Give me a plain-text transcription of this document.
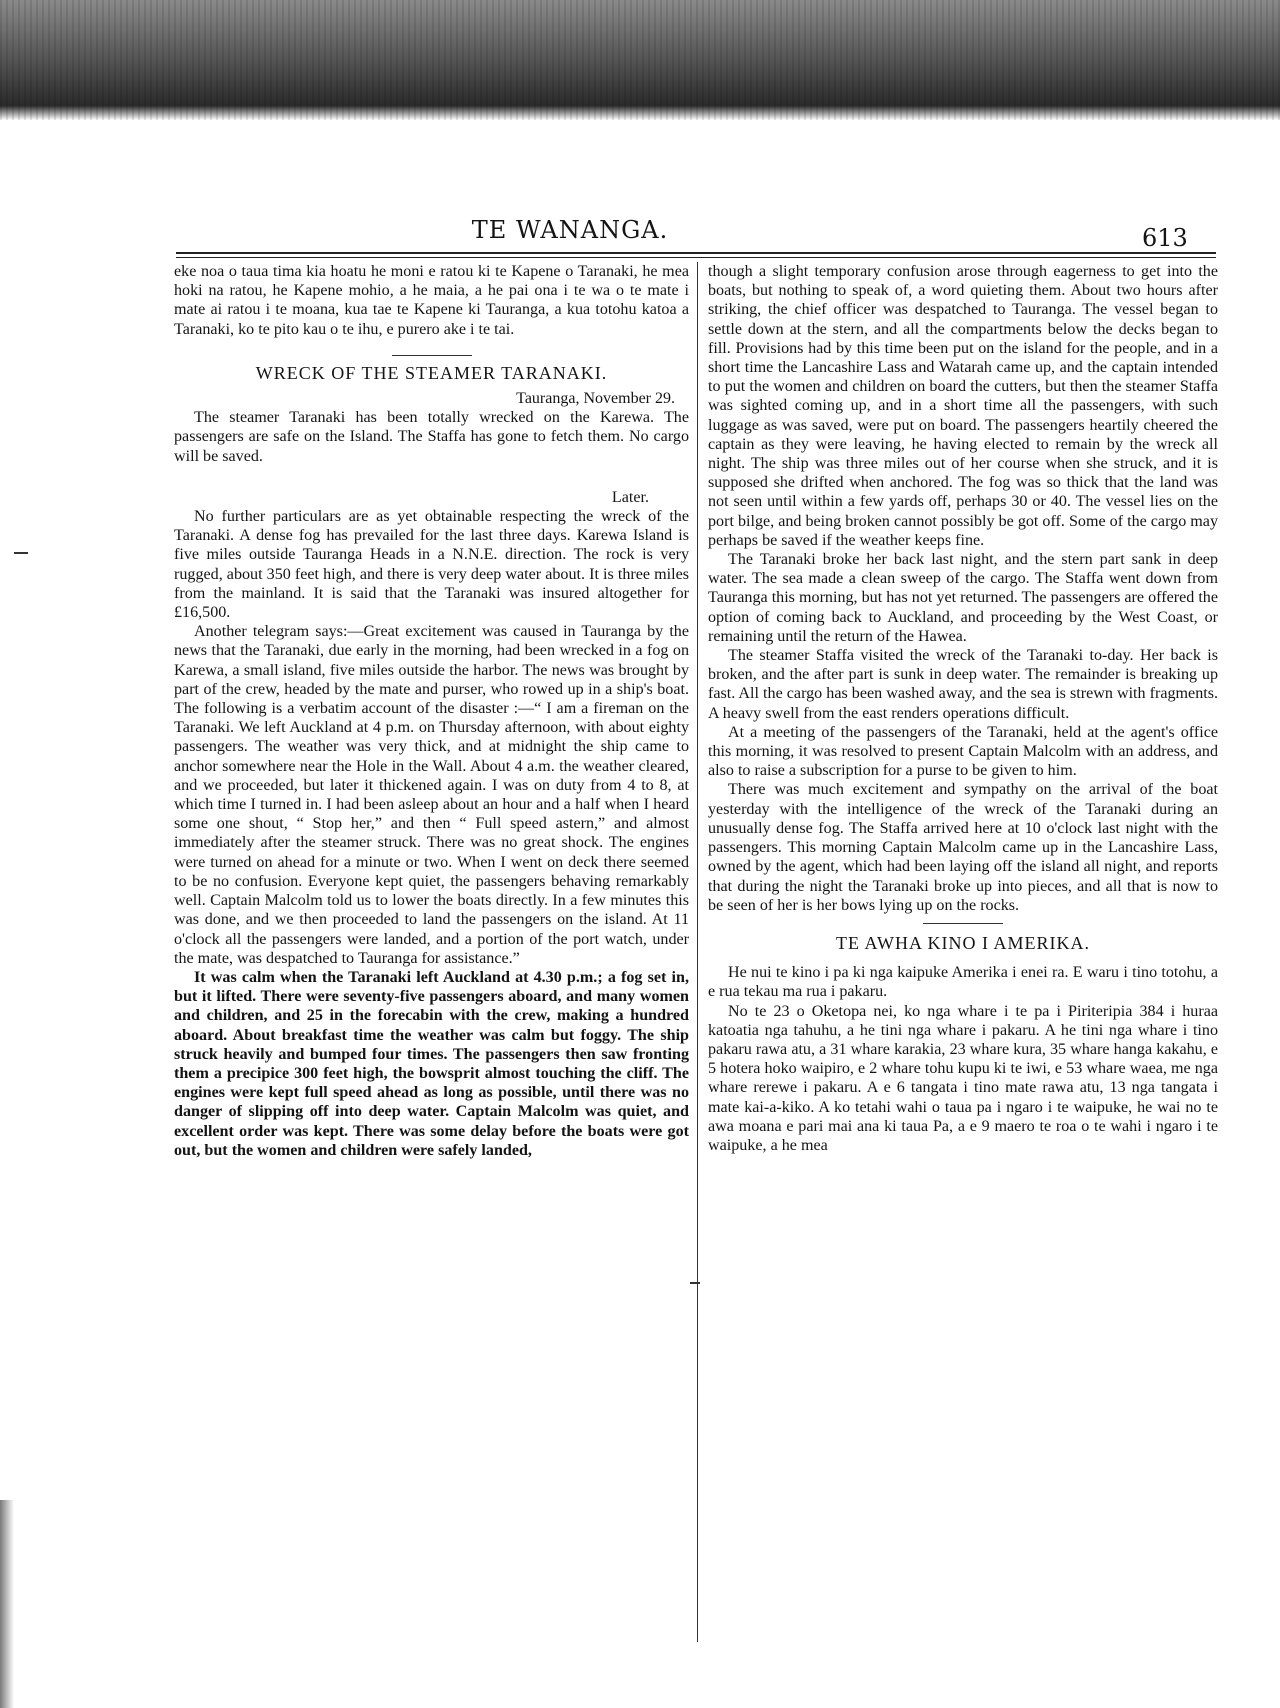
TE WANANGA.	613

eke noa o taua tima kia hoatu he moni e ratou ki te Kapene o Taranaki, he mea hoki na ratou, he Kapene mohio, a he maia, a he pai ona i te wa o te mate i mate ai ratou i te moana, kua tae te Kapene ki Tauranga, a kua totohu katoa a Taranaki, ko te pito kau o te ihu, e purero ake i te tai.

WRECK OF THE STEAMER TARANAKI.

Tauranga, November 29.

The steamer Taranaki has been totally wrecked on the Karewa. The passengers are safe on the Island. The Staffa has gone to fetch them. No cargo will be saved.

Later.

No further particulars are as yet obtainable respecting the wreck of the Taranaki. A dense fog has prevailed for the last three days. Karewa Island is five miles outside Tauranga Heads in a N.N.E. direction. The rock is very rugged, about 350 feet high, and there is very deep water about. It is three miles from the mainland. It is said that the Taranaki was insured altogether for £16,500.

Another telegram says:—Great excitement was caused in Tauranga by the news that the Taranaki, due early in the morning, had been wrecked in a fog on Karewa, a small island, five miles outside the harbor. The news was brought by part of the crew, headed by the mate and purser, who rowed up in a ship's boat. The following is a verbatim account of the disaster :—“ I am a fireman on the Taranaki. We left Auckland at 4 p.m. on Thursday afternoon, with about eighty passengers. The weather was very thick, and at midnight the ship came to anchor somewhere near the Hole in the Wall. About 4 a.m. the weather cleared, and we proceeded, but later it thickened again. I was on duty from 4 to 8, at which time I turned in. I had been asleep about an hour and a half when I heard some one shout, “ Stop her,” and then “ Full speed astern,” and almost immediately after the steamer struck. There was no great shock. The engines were turned on ahead for a minute or two. When I went on deck there seemed to be no confusion. Everyone kept quiet, the passengers behaving remarkably well. Captain Malcolm told us to lower the boats directly. In a few minutes this was done, and we then proceeded to land the passengers on the island. At 11 o'clock all the passengers were landed, and a portion of the port watch, under the mate, was despatched to Tauranga for assistance.”

It was calm when the Taranaki left Auckland at 4.30 p.m.; a fog set in, but it lifted. There were seventy-five passengers aboard, and many women and children, and 25 in the forecabin with the crew, making a hundred aboard. About breakfast time the weather was calm but foggy. The ship struck heavily and bumped four times. The passengers then saw fronting them a precipice 300 feet high, the bowsprit almost touching the cliff. The engines were kept full speed ahead as long as possible, until there was no danger of slipping off into deep water. Captain Malcolm was quiet, and excellent order was kept. There was some delay before the boats were got out, but the women and children were safely landed,

though a slight temporary confusion arose through eagerness to get into the boats, but nothing to speak of, a word quieting them. About two hours after striking, the chief officer was despatched to Tauranga. The vessel began to settle down at the stern, and all the compartments below the decks began to fill. Provisions had by this time been put on the island for the people, and in a short time the Lancashire Lass and Watarah came up, and the captain intended to put the women and children on board the cutters, but then the steamer Staffa was sighted coming up, and in a short time all the passengers, with such luggage as was saved, were put on board. The passengers heartily cheered the captain as they were leaving, he having elected to remain by the wreck all night. The ship was three miles out of her course when she struck, and it is supposed she drifted when anchored. The fog was so thick that the land was not seen until within a few yards off, perhaps 30 or 40. The vessel lies on the port bilge, and being broken cannot possibly be got off. Some of the cargo may perhaps be saved if the weather keeps fine.

The Taranaki broke her back last night, and the stern part sank in deep water. The sea made a clean sweep of the cargo. The Staffa went down from Tauranga this morning, but has not yet returned. The passengers are offered the option of coming back to Auckland, and proceeding by the West Coast, or remaining until the return of the Hawea.

The steamer Staffa visited the wreck of the Taranaki to-day. Her back is broken, and the after part is sunk in deep water. The remainder is breaking up fast. All the cargo has been washed away, and the sea is strewn with fragments. A heavy swell from the east renders operations difficult.

At a meeting of the passengers of the Taranaki, held at the agent's office this morning, it was resolved to present Captain Malcolm with an address, and also to raise a subscription for a purse to be given to him.

There was much excitement and sympathy on the arrival of the boat yesterday with the intelligence of the wreck of the Taranaki during an unusually dense fog. The Staffa arrived here at 10 o'clock last night with the passengers. This morning Captain Malcolm came up in the Lancashire Lass, owned by the agent, which had been laying off the island all night, and reports that during the night the Taranaki broke up into pieces, and all that is now to be seen of her is her bows lying up on the rocks.

TE AWHA KINO I AMERIKA.

He nui te kino i pa ki nga kaipuke Amerika i enei ra. E waru i tino totohu, a e rua tekau ma rua i pakaru.

No te 23 o Oketopa nei, ko nga whare i te pa i Piriteripia 384 i huraa katoatia nga tahuhu, a he tini nga whare i pakaru. A he tini nga whare i tino pakaru rawa atu, a 31 whare karakia, 23 whare kura, 35 whare hanga kakahu, e 5 hotera hoko waipiro, e 2 whare tohu kupu ki te iwi, e 53 whare waea, me nga whare rerewe i pakaru. A e 6 tangata i tino mate rawa atu, 13 nga tangata i mate kai-a-kiko. A ko tetahi wahi o taua pa i ngaro i te waipuke, he wai no te awa moana e pari mai ana ki taua Pa, a e 9 maero te roa o te wahi i ngaro i te waipuke, a he mea
